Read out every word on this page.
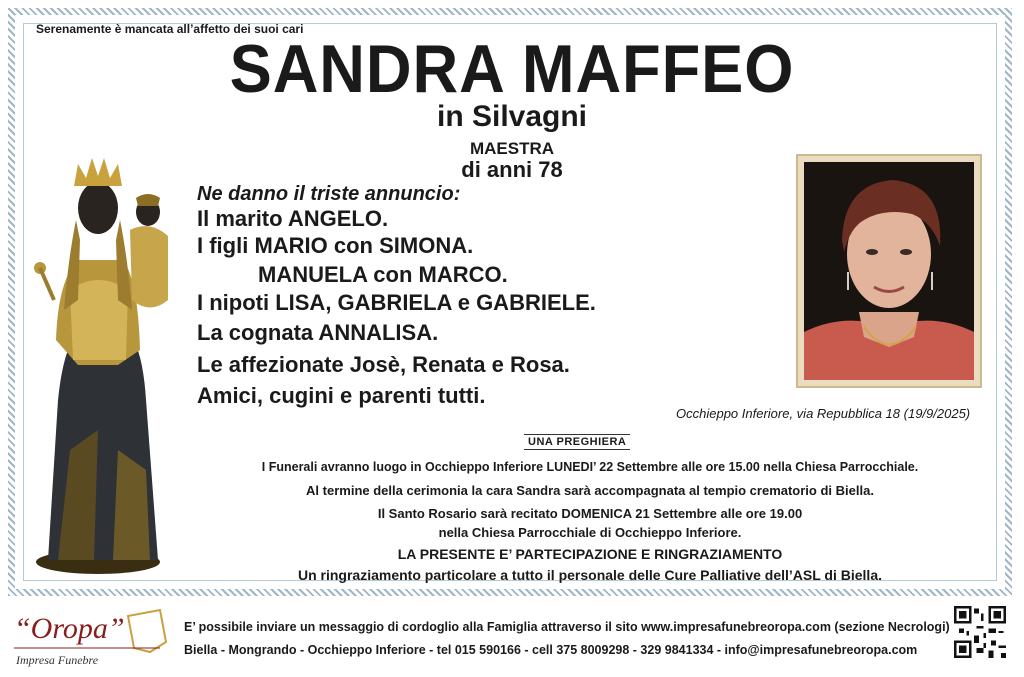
Serenamente è mancata all’affetto dei suoi cari
SANDRA MAFFEO
in Silvagni
MAESTRA
di anni 78
Ne danno il triste annuncio:
Il marito ANGELO.
I figli MARIO con SIMONA.
MANUELA con MARCO.
I nipoti LISA, GABRIELA e GABRIELE.
La cognata ANNALISA.
Le affezionate Josè, Renata e Rosa.
Amici, cugini e parenti tutti.
Occhieppo Inferiore, via Repubblica 18 (19/9/2025)
UNA PREGHIERA
I Funerali avranno luogo in Occhieppo Inferiore LUNEDI’ 22 Settembre alle ore 15.00 nella Chiesa Parrocchiale.
Al termine della cerimonia la cara Sandra sarà accompagnata al tempio crematorio di Biella.
Il Santo Rosario sarà recitato DOMENICA 21 Settembre alle ore 19.00
nella Chiesa Parrocchiale di Occhieppo Inferiore.
LA PRESENTE E’ PARTECIPAZIONE E RINGRAZIAMENTO
Un ringraziamento particolare a tutto il personale delle Cure Palliative dell’ASL di Biella.
“Oropa”
Impresa Funebre
E’ possibile inviare un messaggio di cordoglio alla Famiglia attraverso il sito www.impresafunebreoropa.com (sezione Necrologi)
Biella - Mongrando - Occhieppo Inferiore - tel 015 590166 - cell 375 8009298 - 329 9841334 - info@impresafunebreoropa.com
